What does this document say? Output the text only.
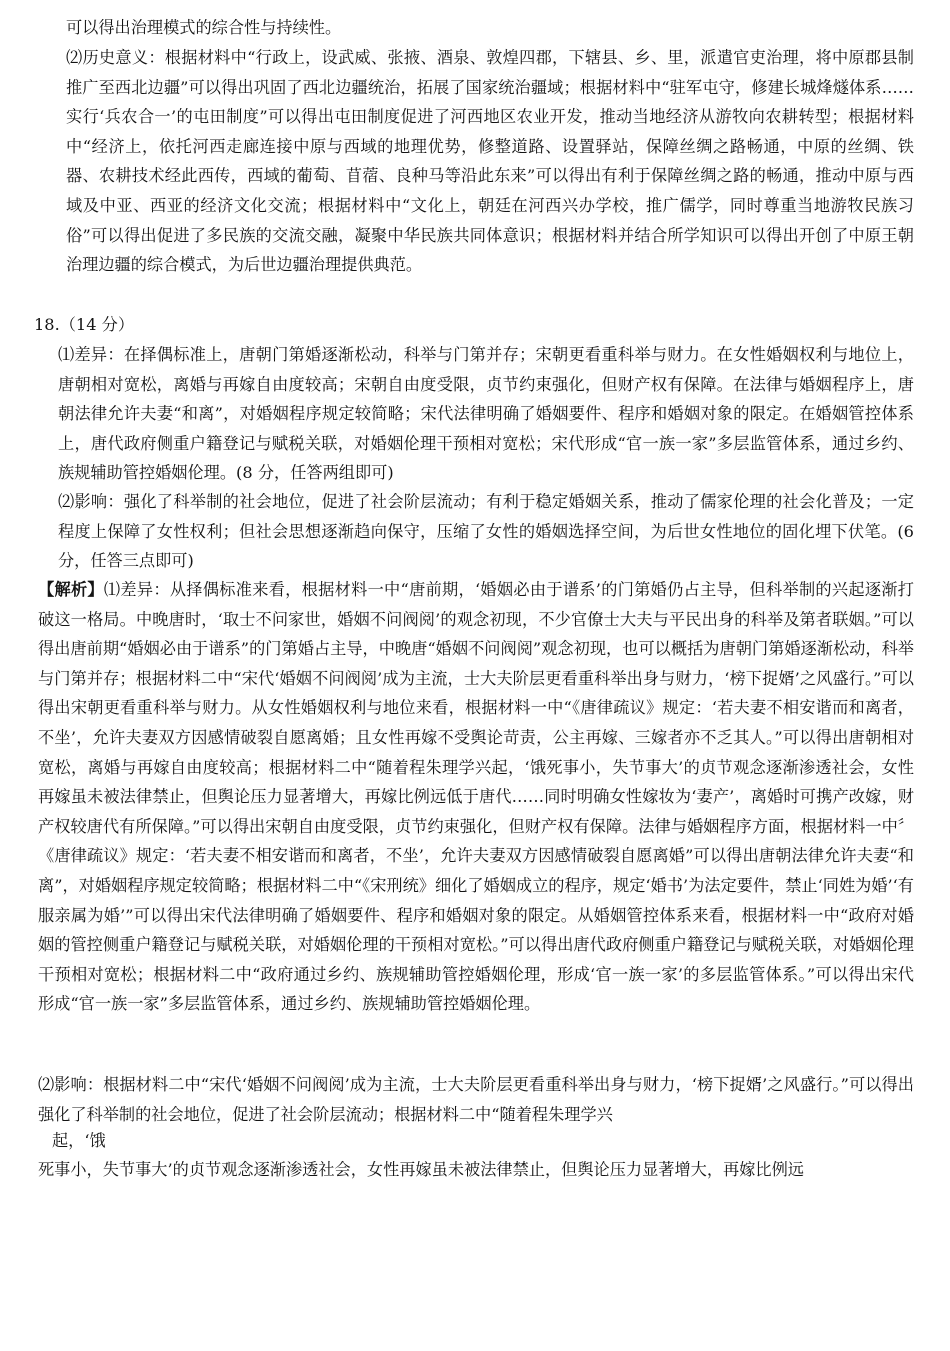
可以得出治理模式的综合性与持续性。

⑵历史意义：根据材料中“行政上，设武威、张掖、酒泉、敦煌四郡，下辖县、乡、里，派遣官吏治理，将中原郡县制推广至西北边疆”可以得出巩固了西北边疆统治，拓展了国家统治疆域；根据材料中“驻军屯守，修建长城烽燧体系……实行‘兵农合一’的屯田制度”可以得出屯田制度促进了河西地区农业开发，推动当地经济从游牧向农耕转型；根据材料中“经济上，依托河西走廊连接中原与西域的地理优势，修整道路、设置驿站，保障丝绸之路畅通，中原的丝绸、铁器、农耕技术经此西传，西域的葡萄、苜蓿、良种马等沿此东来”可以得出有利于保障丝绸之路的畅通，推动中原与西域及中亚、西亚的经济文化交流；根据材料中“文化上，朝廷在河西兴办学校，推广儒学，同时尊重当地游牧民族习俗”可以得出促进了多民族的交流交融，凝聚中华民族共同体意识；根据材料并结合所学知识可以得出开创了中原王朝治理边疆的综合模式，为后世边疆治理提供典范。

18.（14 分）

⑴差异：在择偶标准上，唐朝门第婚逐渐松动，科举与门第并存；宋朝更看重科举与财力。在女性婚姻权利与地位上，唐朝相对宽松，离婚与再嫁自由度较高；宋朝自由度受限，贞节约束强化，但财产权有保障。在法律与婚姻程序上，唐朝法律允许夫妻“和离”，对婚姻程序规定较简略；宋代法律明确了婚姻要件、程序和婚姻对象的限定。在婚姻管控体系上，唐代政府侧重户籍登记与赋税关联，对婚姻伦理干预相对宽松；宋代形成“官一族一家”多层监管体系，通过乡约、族规辅助管控婚姻伦理。(8 分，任答两组即可)

⑵影响：强化了科举制的社会地位，促进了社会阶层流动；有利于稳定婚姻关系，推动了儒家伦理的社会化普及；一定程度上保障了女性权利；但社会思想逐渐趋向保守，压缩了女性的婚姻选择空间，为后世女性地位的固化埋下伏笔。(6 分，任答三点即可)

【解析】⑴差异：从择偶标准来看，根据材料一中“唐前期，‘婚姻必由于谱系’的门第婚仍占主导，但科举制的兴起逐渐打破这一格局。中晚唐时，‘取士不问家世，婚姻不问阀阅’的观念初现，不少官僚士大夫与平民出身的科举及第者联姻。”可以得出唐前期“婚姻必由于谱系”的门第婚占主导，中晚唐“婚姻不问阀阅”观念初现，也可以概括为唐朝门第婚逐渐松动，科举与门第并存；根据材料二中“宋代‘婚姻不问阀阅’成为主流，士大夫阶层更看重科举出身与财力，‘榜下捉婿’之风盛行。”可以得出宋朝更看重科举与财力。从女性婚姻权利与地位来看，根据材料一中“《唐律疏议》规定：‘若夫妻不相安谐而和离者，不坐’，允许夫妻双方因感情破裂自愿离婚；且女性再嫁不受舆论苛责，公主再嫁、三嫁者亦不乏其人。”可以得出唐朝相对宽松，离婚与再嫁自由度较高；根据材料二中“随着程朱理学兴起，‘饿死事小，失节事大’的贞节观念逐渐渗透社会，女性再嫁虽未被法律禁止，但舆论压力显著增大，再嫁比例远低于唐代……同时明确女性嫁妆为‘妻产’，离婚时可携产改嫁，财产权较唐代有所保障。”可以得出宋朝自由度受限，贞节约束强化，但财产权有保障。法律与婚姻程序方面，根据材料一中〞《唐律疏议》规定：‘若夫妻不相安谐而和离者，不坐’，允许夫妻双方因感情破裂自愿离婚”可以得出唐朝法律允许夫妻“和离”，对婚姻程序规定较简略；根据材料二中“《宋刑统》细化了婚姻成立的程序，规定‘婚书’为法定要件，禁止‘同姓为婚’‘有服亲属为婚’”可以得出宋代法律明确了婚姻要件、程序和婚姻对象的限定。从婚姻管控体系来看，根据材料一中“政府对婚姻的管控侧重户籍登记与赋税关联，对婚姻伦理的干预相对宽松。”可以得出唐代政府侧重户籍登记与赋税关联，对婚姻伦理干预相对宽松；根据材料二中“政府通过乡约、族规辅助管控婚姻伦理，形成‘官一族一家’的多层监管体系。”可以得出宋代形成“官一族一家”多层监管体系，通过乡约、族规辅助管控婚姻伦理。

⑵影响：根据材料二中“宋代‘婚姻不问阀阅’成为主流，士大夫阶层更看重科举出身与财力，‘榜下捉婿’之风盛行。”可以得出强化了科举制的社会地位，促进了社会阶层流动；根据材料二中“随着程朱理学兴

起，‘饿

死事小，失节事大’的贞节观念逐渐渗透社会，女性再嫁虽未被法律禁止，但舆论压力显著增大，再嫁比例远
